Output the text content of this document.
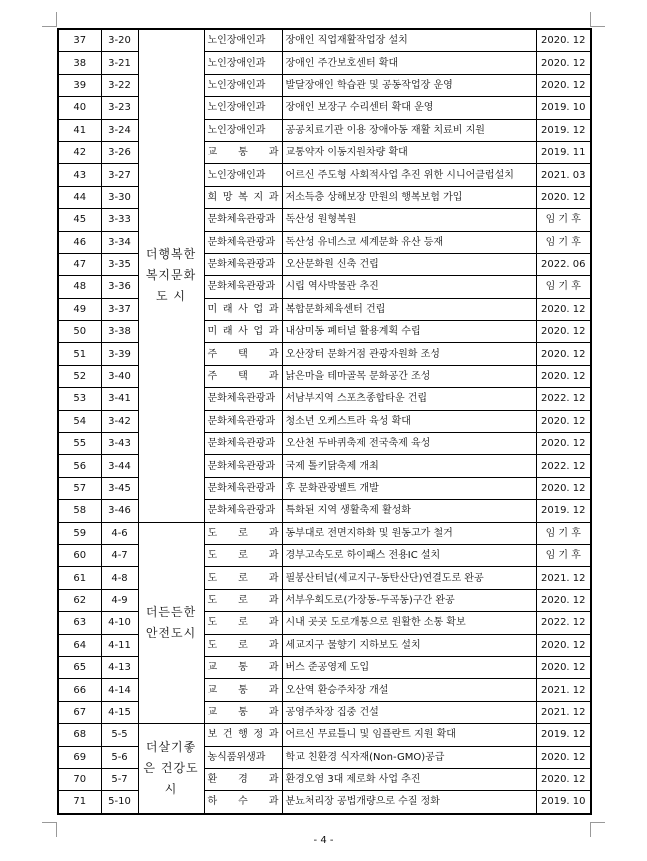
37	3-20	더행복한 복지문화 도 시	노인장애인과	장애인 직업재활작업장 설치	2020. 12
38	3-21		노인장애인과	장애인 주간보호센터 확대	2020. 12
39	3-22		노인장애인과	발달장애인 학습관 및 공동작업장 운영	2020. 12
40	3-23		노인장애인과	장애인 보장구 수리센터 확대 운영	2019. 10
41	3-24		노인장애인과	공공치료기관 이용 장애아동 재활 치료비 지원	2019. 12
42	3-26		교 통 과	교통약자 이동지원차량 확대	2019. 11
43	3-27		노인장애인과	어르신 주도형 사회적사업 추진 위한 시니어클럽설치	2021. 03
44	3-30		희 망 복 지 과	저소득층 상해보장 만원의 행복보험 가입	2020. 12
45	3-33		문화체육관광과	독산성 원형복원	임 기 후
46	3-34		문화체육관광과	독산성 유네스코 세계문화 유산 등재	임 기 후
47	3-35		문화체육관광과	오산문화원 신축 건립	2022. 06
48	3-36		문화체육관광과	시립 역사박물관 추진	임 기 후
49	3-37		미 래 사 업 과	복합문화체육센터 건립	2020. 12
50	3-38		미 래 사 업 과	내삼미동 폐터널 활용계획 수립	2020. 12
51	3-39		주 택 과	오산장터 문화거점 관광자원화 조성	2020. 12
52	3-40		주 택 과	낡은마을 테마골목 문화공간 조성	2020. 12
53	3-41		문화체육관광과	서남부지역 스포츠종합타운 건립	2022. 12
54	3-42		문화체육관광과	청소년 오케스트라 육성 확대	2020. 12
55	3-43		문화체육관광과	오산천 두바퀴축제 전국축제 육성	2020. 12
56	3-44		문화체육관광과	국제 톨키닭축제 개최	2022. 12
57	3-45		문화체육관광과	후 문화관광벨트 개발	2020. 12
58	3-46		문화체육관광과	특화된 지역 생활축제 활성화	2019. 12
59	4-6	더든든한 안전도시	도 로 과	동부대로 전면지하화 및 원동고가 철거	임 기 후
60	4-7		도 로 과	경부고속도로 하이패스 전용IC 설치	임 기 후
61	4-8		도 로 과	필봉산터널(세교지구-동탄산단)연결도로 완공	2021. 12
62	4-9		도 로 과	서부우회도로(가장동-두곡동)구간 완공	2020. 12
63	4-10		도 로 과	시내 곳곳 도로개통으로 원활한 소통 확보	2022. 12
64	4-11		도 로 과	세교지구 물향기 지하보도 설치	2020. 12
65	4-13		교 통 과	버스 준공영제 도입	2020. 12
66	4-14		교 통 과	오산역 환승주차장 개설	2021. 12
67	4-15		교 통 과	공영주차장 집중 건설	2021. 12
68	5-5	더살기좋은 건강도시	보 건 행 정 과	어르신 무료틀니 및 임플란트 지원 확대	2019. 12
69	5-6		농식품위생과	학교 친환경 식자재(Non-GMO)공급	2020. 12
70	5-7		환 경 과	환경오염 3대 제로화 사업 추진	2020. 12
71	5-10		하 수 과	분뇨처리장 공법개량으로 수질 정화	2019. 10
- 4 -
